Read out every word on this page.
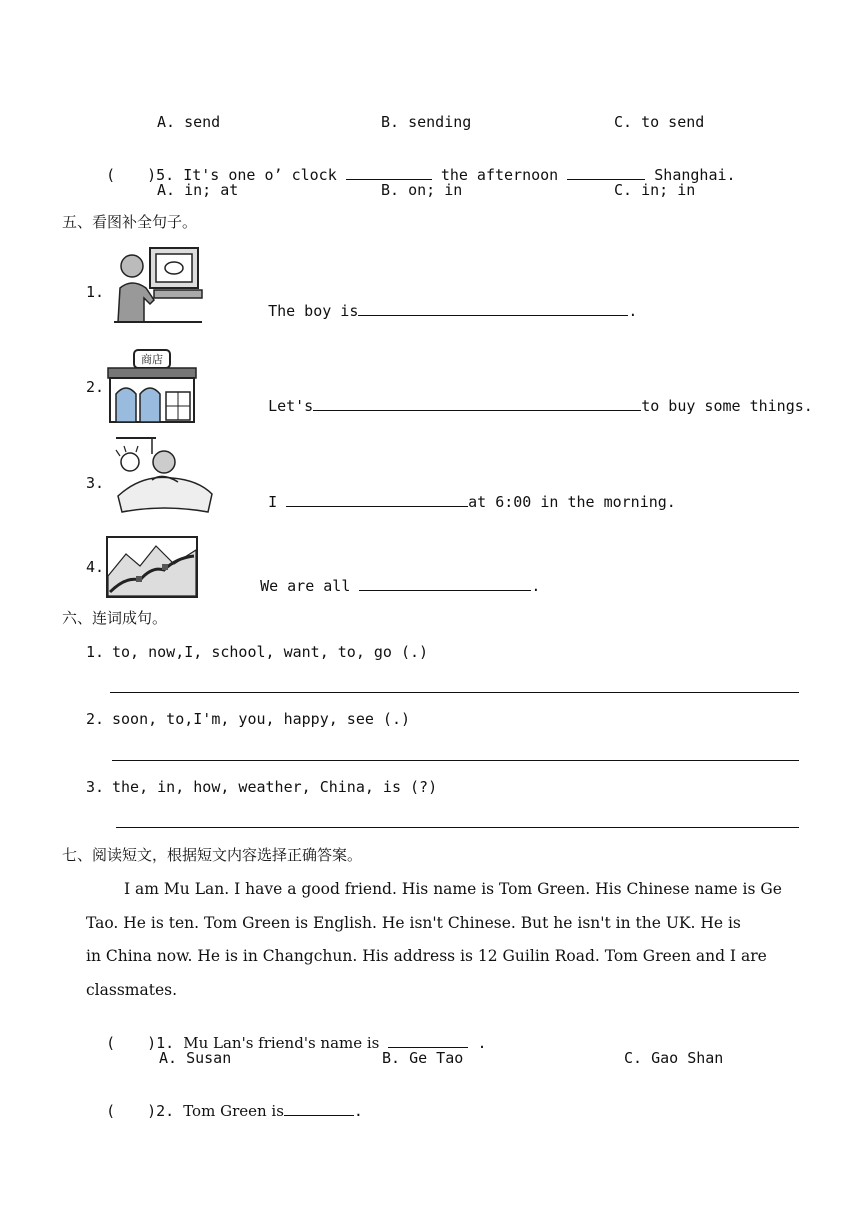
A. send	B. sending	C. to send

( )5. It's one o’ clock	the afternoon	Shanghai.

A. in; at	B. on; in	C. in; in
五、看图补全句子。
1.

The boy is	.

2.
商店

Let's	to buy some things.

3.

I	at 6:00 in the morning.

4.

We are all	.

六、连词成句。
1. to, now,I, school, want, to, go (.)
2. soon, to,I'm, you, happy, see (.)
3. the, in, how, weather, China, is (?)
七、阅读短文，根据短文内容选择正确答案。
I am Mu Lan. I have a good friend. His name is Tom Green. His Chinese name is Ge
Tao. He is ten. Tom Green is English. He isn't Chinese. But he isn't in the UK. He is
in China now. He is in Changchun. His address is 12 Guilin Road. Tom Green and I are
classmates.

( )1. Mu Lan's friend's name is	.

A. Susan	B. Ge Tao	C. Gao Shan

( )2. Tom Green is	.
